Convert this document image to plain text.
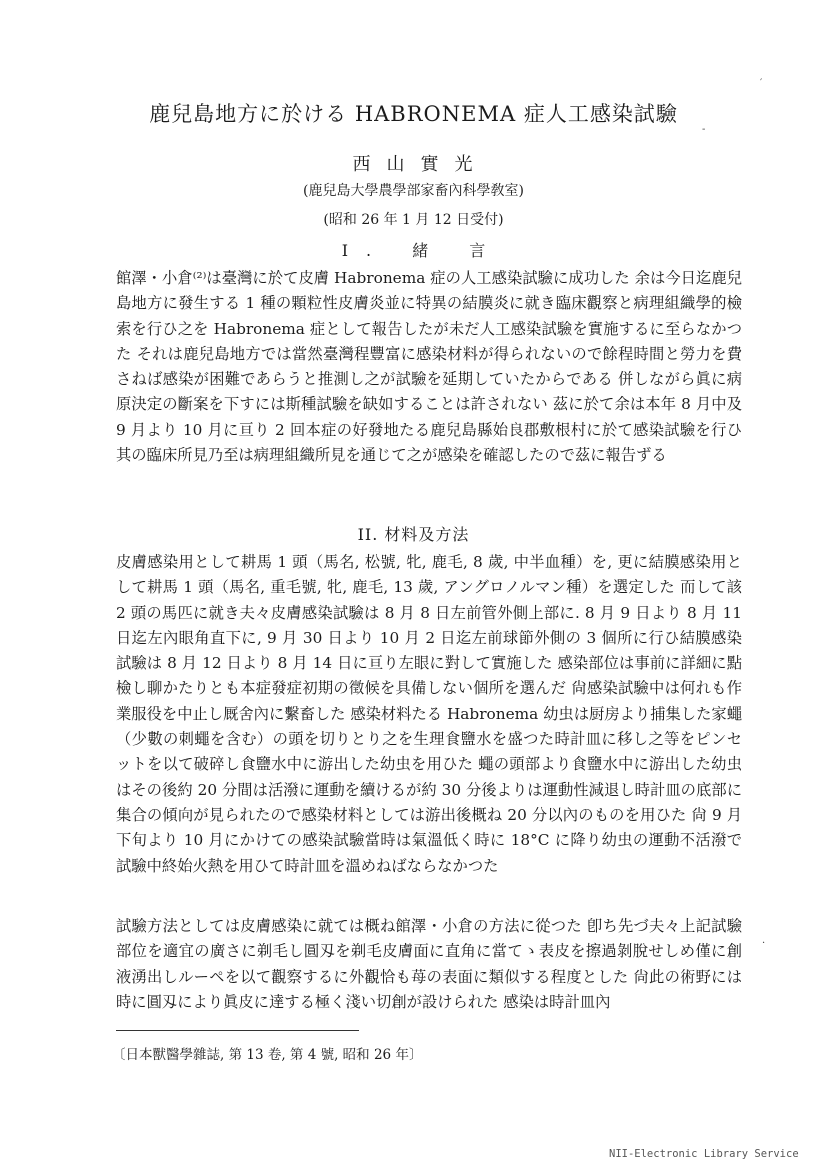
鹿兒島地方に於ける HABRONEMA 症人工感染試驗
西山實光
(鹿兒島大學農學部家畜內科學敎室)
(昭和 26 年 1 月 12 日受付)
I. 緒 言

館澤・小倉⁽²⁾は臺灣に於て皮膚 Habronema 症の人工感染試驗に成功した 余は今日迄鹿兒島地方に發生する 1 種の顆粒性皮膚炎並に特異の結膜炎に就き臨床觀察と病理組織學的檢索を行ひ之を Habronema 症として報告したが未だ人工感染試驗を實施するに至らなかつた それは鹿兒島地方では當然臺灣程豐富に感染材料が得られないので餘程時間と勞力を費さねば感染が困難であらうと推測し之が試驗を延期していたからである 併しながら眞に病原決定の斷案を下すには斯種試驗を缺如することは許されない 茲に於て余は本年 8 月中及 9 月より 10 月に亘り 2 回本症の好發地たる鹿兒島縣始良郡敷根村に於て感染試驗を行ひ其の臨床所見乃至は病理組織所見を通じて之が感染を確認したので茲に報告ずる

II. 材料及方法

皮膚感染用として耕馬 1 頭（馬名, 松號, 牝, 鹿毛, 8 歲, 中半血種）を, 更に結膜感染用として耕馬 1 頭（馬名, 重毛號, 牝, 鹿毛, 13 歲, アングロノルマン種）を選定した 而して該 2 頭の馬匹に就き夫々皮膚感染試驗は 8 月 8 日左前管外側上部に. 8 月 9 日より 8 月 11 日迄左內眼角直下に, 9 月 30 日より 10 月 2 日迄左前球節外側の 3 個所に行ひ結膜感染試驗は 8 月 12 日より 8 月 14 日に亘り左眼に對して實施した 感染部位は事前に詳細に點檢し聊かたりとも本症發症初期の徵候を具備しない個所を選んだ 尙感染試驗中は何れも作業服役を中止し厩舍內に繫畜した 感染材料たる Habronema 幼虫は厨房より捕集した家蠅（少數の刺蠅を含む）の頭を切りとり之を生理食鹽水を盛つた時計皿に移し之等をピンセットを以て破碎し食鹽水中に游出した幼虫を用ひた 蠅の頭部より食鹽水中に游出した幼虫はその後約 20 分間は活潑に運動を續けるが約 30 分後よりは運動性減退し時計皿の底部に集合の傾向が見られたので感染材料としては游出後概ね 20 分以內のものを用ひた 尙 9 月下旬より 10 月にかけての感染試驗當時は氣溫低く時に 18°C に降り幼虫の運動不活潑で試驗中終始火熱を用ひて時計皿を溫めねばならなかつた

試驗方法としては皮膚感染に就ては概ね館澤・小倉の方法に從つた 卽ち先づ夫々上記試驗部位を適宜の廣さに剃毛し圓刄を剃毛皮膚面に直角に當てゝ表皮を擦過剝脫せしめ僅に創液湧出しルーペを以て觀察するに外觀恰も苺の表面に類似する程度とした 尙此の術野には時に圓刄により眞皮に達する極く淺い切創が設けられた 感染は時計皿內

〔日本獸醫學雜誌, 第 13 卷, 第 4 號, 昭和 26 年〕
NII-Electronic Library Service
′
-
·
